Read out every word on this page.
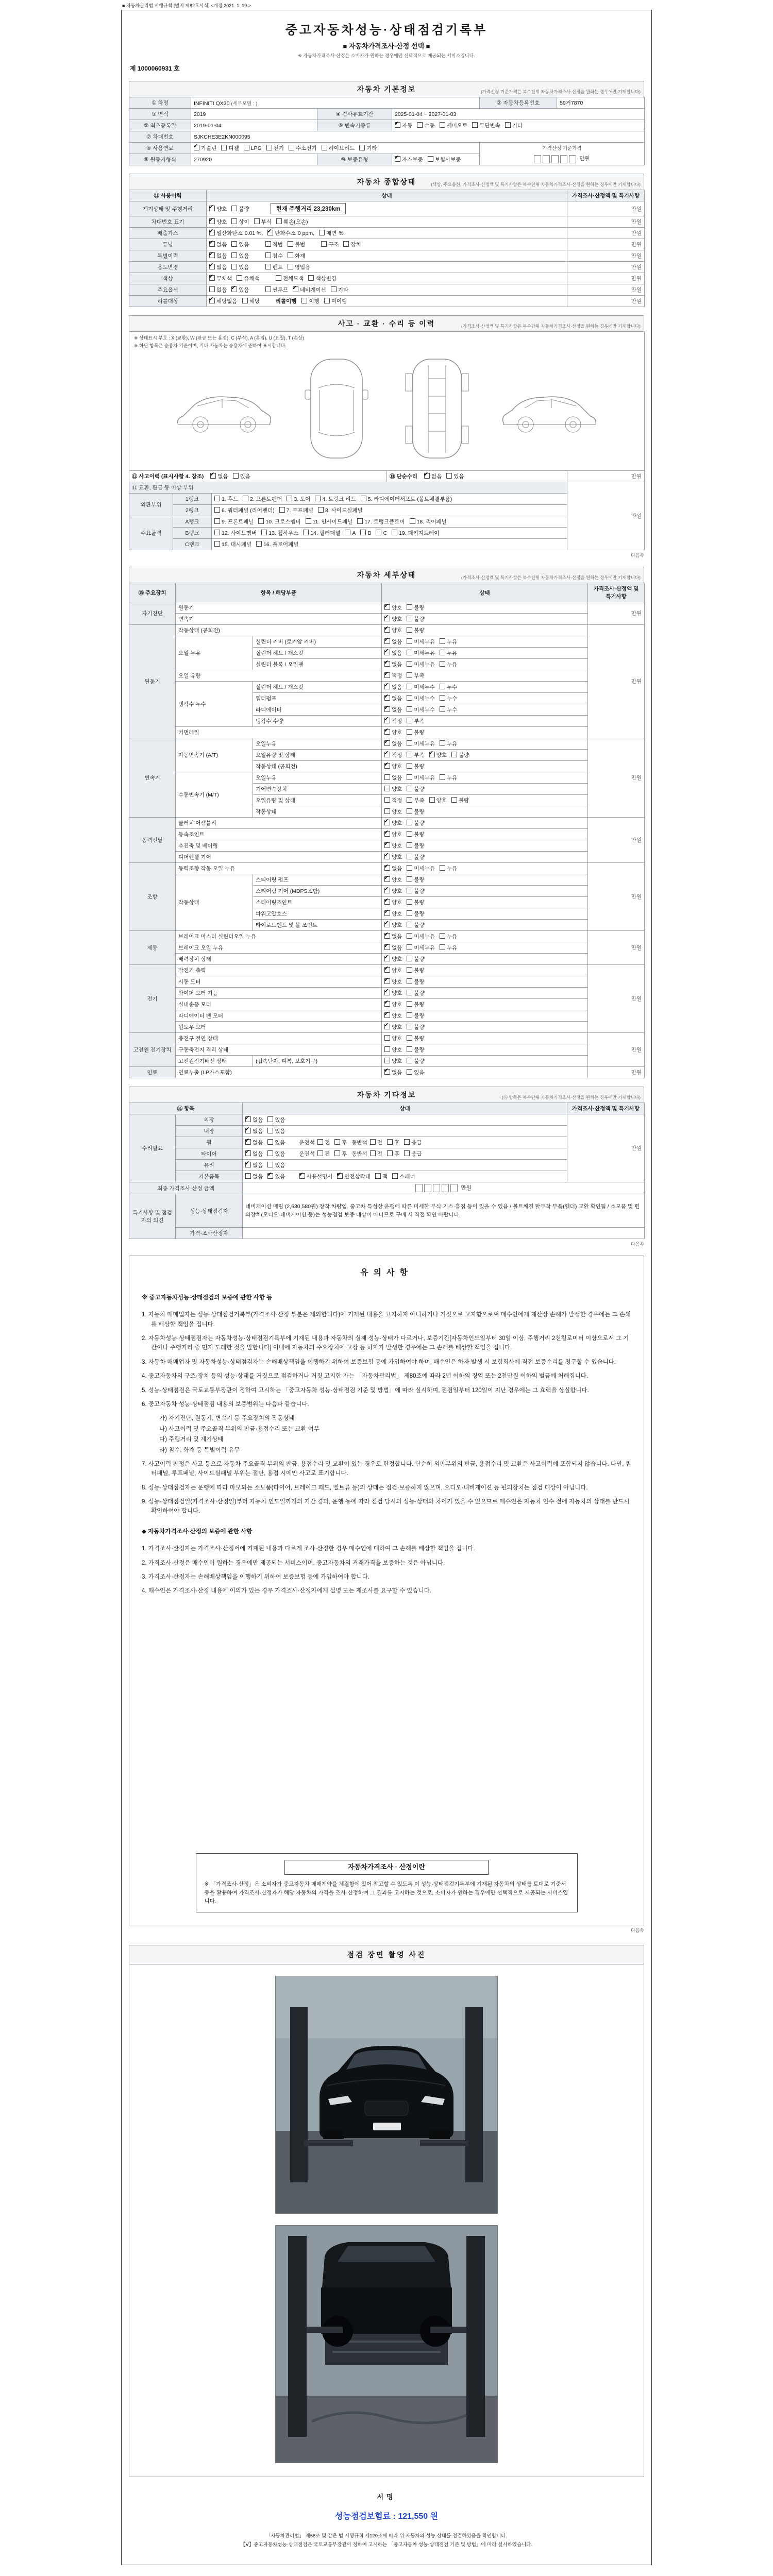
■ 자동차관리법 시행규칙 [별지 제82호서식] <개정 2021. 1. 19.>
중고자동차성능·상태점검기록부
■ 자동차가격조사·산정 선택 ■
※ 자동차가격조사·산정은 소비자가 원하는 경우에만 선택적으로 제공되는 서비스입니다.
제 1000060931 호
자동차 기본정보	(가격산정 기준가격은 복수단위 자동차가격조사·산정을 원하는 경우에만 기재합니다)
① 차명	INFINITI QX30 (세부모델 : )			② 자동차등록번호	59거7870
③ 연식	2019	④ 검사유효기간	2025-01-04 ~ 2027-01-03		
⑤ 최초등록일	2019-01-04	⑥ 변속기종류	✔자동 수동 세미오토 무단변속 기타
⑦ 차대번호	SJKCHE3E2KN000095				
⑧ 사용연료	✔가솔린 디젤 LPG 전기 수소전기 하이브리드 기타			가격산정 기준가격
만원	

⑨ 원동기형식	270920	⑩ 보증유형	✔자가보증 보험사보증
자동차 종합상태	(색상, 주요옵션, 가격조사·산정액 및 특기사항은 복수단위 자동차가격조사·산정을 원하는 경우에만 기재합니다)
⑪ 사용이력	상태	가격조사·산정액 및 특기사항
계기상태 및 주행거리	✔양호 불량 현재 주행거리 23,230km	만원
차대번호 표기	✔양호 상이 부식 훼손(오손)	만원
배출가스	✔일산화탄소 0.01 %, ✔ 탄화수소 0 ppm, 매연 %	만원
튜닝	✔없음 있음 적법 불법 구조 장치	만원
특별이력	✔없음 있음 침수 화재	만원
용도변경	✔없음 있음 렌트 영업용	만원
색상	✔무채색 유채색 전체도색 색상변경	만원
주요옵션	없음 ✔ 있음 썬루프 ✔ 네비게이션 기타	만원
리콜대상	✔해당없음 해당 리콜이행 이행 미이행	만원
사고 · 교환 · 수리 등 이력	(가격조사·산정액 및 특기사항은 복수단위 자동차가격조사·산정을 원하는 경우에만 기재합니다)
※ 상태표시 부호 : X (교환), W (판금 또는 용접), C (부식), A (흠집), U (요철), T (손상)
※ 하단 항목은 승용차 기준이며, 기타 자동차는 승용차에 준하여 표시합니다.				

⑫ 사고이력 (표시사항 4. 참조) ✔ 없음 있음			⑬ 단순수리 ✔ 없음 있음	만원
⑭ 교환, 판금 등 이상 부위				만원
외판부위	1랭크	1. 후드 2. 프론트펜더 3. 도어 4. 트렁크 리드 5. 라디에이터서포트 (볼트체결부품)		
	2랭크	6. 쿼터패널 (리어펜더) 7. 루프패널 8. 사이드실패널		
주요골격	A랭크	9. 프론트패널 10. 크로스멤버 11. 인사이드패널 17. 트렁크플로어 18. 리어패널		
	B랭크	12. 사이드멤버 13. 휠하우스 14. 필러패널 A B C 19. 패키지트레이		
	C랭크	15. 대시패널 16. 플로어패널		
다음쪽
자동차 세부상태	(가격조사·산정액 및 특기사항은 복수단위 자동차가격조사·산정을 원하는 경우에만 기재합니다)
⑮ 주요장치	항목 / 해당부품		상태	가격조사·산정액 및 특기사항
자기진단	원동기	✔양호 불량	만원
	변속기	✔양호 불량
원동기	작동상태 (공회전)	✔양호 불량	만원
	오일 누유	실린더 커버 (로커암 커버)	✔없음 미세누유 누유
		실린더 헤드 / 개스킷	✔없음 미세누유 누유
		실린더 블록 / 오일팬	✔없음 미세누유 누유
	오일 유량	✔적정 부족
	냉각수 누수	실린더 헤드 / 개스킷	✔없음 미세누수 누수
		워터펌프	✔없음 미세누수 누수
		라디에이터	✔없음 미세누수 누수
		냉각수 수량	✔적정 부족
	커먼레일	✔양호 불량
변속기	자동변속기 (A/T)	오일누유	✔없음 미세누유 누유	만원
		오일유량 및 상태	✔적정 부족 ✔ 양호 불량
		작동상태 (공회전)	✔양호 불량
	수동변속기 (M/T)	오일누유	없음 미세누유 누유	
		기어변속장치	양호 불량	
		오일유량 및 상태	적정 부족 양호 불량	
		작동상태	양호 불량	
동력전달	클러치 어셈블리	✔양호 불량	만원
	등속조인트	✔양호 불량
	추진축 및 베어링	✔양호 불량
	디퍼렌셜 기어	✔양호 불량
조향	동력조향 작동 오일 누유	✔없음 미세누유 누유	만원
	작동상태	스티어링 펌프	✔양호 불량
		스티어링 기어 (MDPS포함)	✔양호 불량
		스티어링조인트	✔양호 불량
		파워고압호스	✔양호 불량
		타이로드엔드 및 볼 조인트	✔양호 불량
제동	브레이크 마스터 실린더오일 누유	✔없음 미세누유 누유	만원
	브레이크 오일 누유	✔없음 미세누유 누유
	배력장치 상태	✔양호 불량
전기	발전기 출력	✔양호 불량	만원
	시동 모터	✔양호 불량
	와이퍼 모터 기능	✔양호 불량
	실내송풍 모터	✔양호 불량
	라디에이터 팬 모터	✔양호 불량
	윈도우 모터	✔양호 불량
고전원 전기장치	충전구 절연 상태		양호 불량	만원
	구동축전지 격리 상태		양호 불량	
	고전원전기배선 상태	(접속단자, 피복, 보호기구)	양호 불량	
연료	연료누출 (LP가스포함)	✔없음 있음	만원
자동차 기타정보	(⑯ 항목은 복수단위 자동차가격조사·산정을 원하는 경우에만 기재합니다)
⑯ 항목		상태	가격조사·산정액 및 특기사항
수리필요	외장	✔없음 있음	만원
	내장	✔없음 있음
	휠	✔없음 있음 운전석 전 후 동반석 전 후 응급
	타이어	✔없음 있음 운전석 전 후 동반석 전 후 응급
	유리	✔없음 있음
	기본품목	없음 ✔ 있음 ✔ 사용설명서 ✔ 안전삼각대 잭 스패너
최종 가격조사·산정 금액		만원	
특기사항 및 점검자의 의견	성능·상태점검자	네비게이션 매립 (2,630,580원) 장착 차량임. 중고차 특성상 운행에 따른 미세한 부식·기스·흠집 등이 있을 수 있음 / 볼트체결 탈부착 부품(휀더) 교환 확인됨 / 소모품 및 편의장치(오디오·네비게이션 등)는 성능점검 보증 대상이 아니므로 구매 시 직접 확인 바랍니다.	
	가격·조사산정자		
다음쪽
유의사항
※ 중고자동차성능·상태점검의 보증에 관한 사항 등
1. 자동차 매매업자는 성능·상태점검기록부(가격조사·산정 부분은 제외합니다)에 기재된 내용을 고지하지 아니하거나 거짓으로 고지함으로써 매수인에게 재산상 손해가 발생한 경우에는 그 손해를 배상할 책임을 집니다.
2. 자동차성능·상태점검자는 자동차성능·상태점검기록부에 기재된 내용과 자동차의 실제 성능·상태가 다르거나, 보증기간[자동차인도일부터 30일 이상, 주행거리 2천킬로미터 이상으로서 그 기간이나 주행거리 중 먼저 도래한 것을 말합니다] 이내에 자동차의 주요장치에 고장 등 하자가 발생한 경우에는 그 손해를 배상할 책임을 집니다.
3. 자동차 매매업자 및 자동차성능·상태점검자는 손해배상책임을 이행하기 위하여 보증보험 등에 가입하여야 하며, 매수인은 하자 발생 시 보험회사에 직접 보증수리를 청구할 수 있습니다.
4. 중고자동차의 구조·장치 등의 성능·상태를 거짓으로 점검하거나 거짓 고지한 자는 「자동차관리법」 제80조에 따라 2년 이하의 징역 또는 2천만원 이하의 벌금에 처해집니다.
5. 성능·상태점검은 국토교통부장관이 정하여 고시하는 「중고자동차 성능·상태점검 기준 및 방법」에 따라 실시하며, 점검일부터 120일이 지난 경우에는 그 효력을 상실합니다.
6. 중고자동차 성능·상태점검 내용의 보증범위는 다음과 같습니다.
가) 자기진단, 원동기, 변속기 등 주요장치의 작동상태
나) 사고이력 및 주요골격 부위의 판금·용접수리 또는 교환 여부
다) 주행거리 및 계기상태
라) 침수, 화재 등 특별이력 유무
7. 사고이력 판정은 사고 등으로 자동차 주요골격 부위의 판금, 용접수리 및 교환이 있는 경우로 한정합니다. 단순히 외판부위의 판금, 용접수리 및 교환은 사고이력에 포함되지 않습니다. 다만, 쿼터패널, 루프패널, 사이드실패널 부위는 절단, 용접 시에만 사고로 표기합니다.
8. 성능·상태점검자는 운행에 따라 마모되는 소모품(타이어, 브레이크 패드, 벨트류 등)의 상태는 점검·보증하지 않으며, 오디오·내비게이션 등 편의장치는 점검 대상이 아닙니다.
9. 성능·상태점검일(가격조사·산정일)부터 자동차 인도일까지의 기간 경과, 운행 등에 따라 점검 당시의 성능·상태와 차이가 있을 수 있으므로 매수인은 자동차 인수 전에 자동차의 상태를 반드시 확인하여야 합니다.
◆ 자동차가격조사·산정의 보증에 관한 사항
1. 가격조사·산정자는 가격조사·산정서에 기재된 내용과 다르게 조사·산정한 경우 매수인에 대하여 그 손해를 배상할 책임을 집니다.
2. 가격조사·산정은 매수인이 원하는 경우에만 제공되는 서비스이며, 중고자동차의 거래가격을 보증하는 것은 아닙니다.
3. 가격조사·산정자는 손해배상책임을 이행하기 위하여 보증보험 등에 가입하여야 합니다.
4. 매수인은 가격조사·산정 내용에 이의가 있는 경우 가격조사·산정자에게 설명 또는 재조사를 요구할 수 있습니다.
자동차가격조사 · 산정이란
※ 「가격조사·산정」은 소비자가 중고자동차 매매계약을 체결함에 있어 참고할 수 있도록 이 성능·상태점검기록부에 기재된 자동차의 상태를 토대로 기준서 등을 활용하여 가격조사·산정자가 해당 자동차의 가격을 조사·산정하여 그 결과를 고지하는 것으로, 소비자가 원하는 경우에만 선택적으로 제공되는 서비스입니다.
다음쪽
점검 장면 촬영 사진
서명
성능점검보험료 : 121,550 원
「자동차관리법」 제58조 및 같은 법 시행규칙 제120조에 따라 위 자동차의 성능·상태를 점검하였음을 확인합니다.
【Ⅴ】중고자동차성능·상태점검은 국토교통부장관이 정하여 고시하는 「중고자동차 성능·상태점검 기준 및 방법」에 따라 실시하였습니다.
